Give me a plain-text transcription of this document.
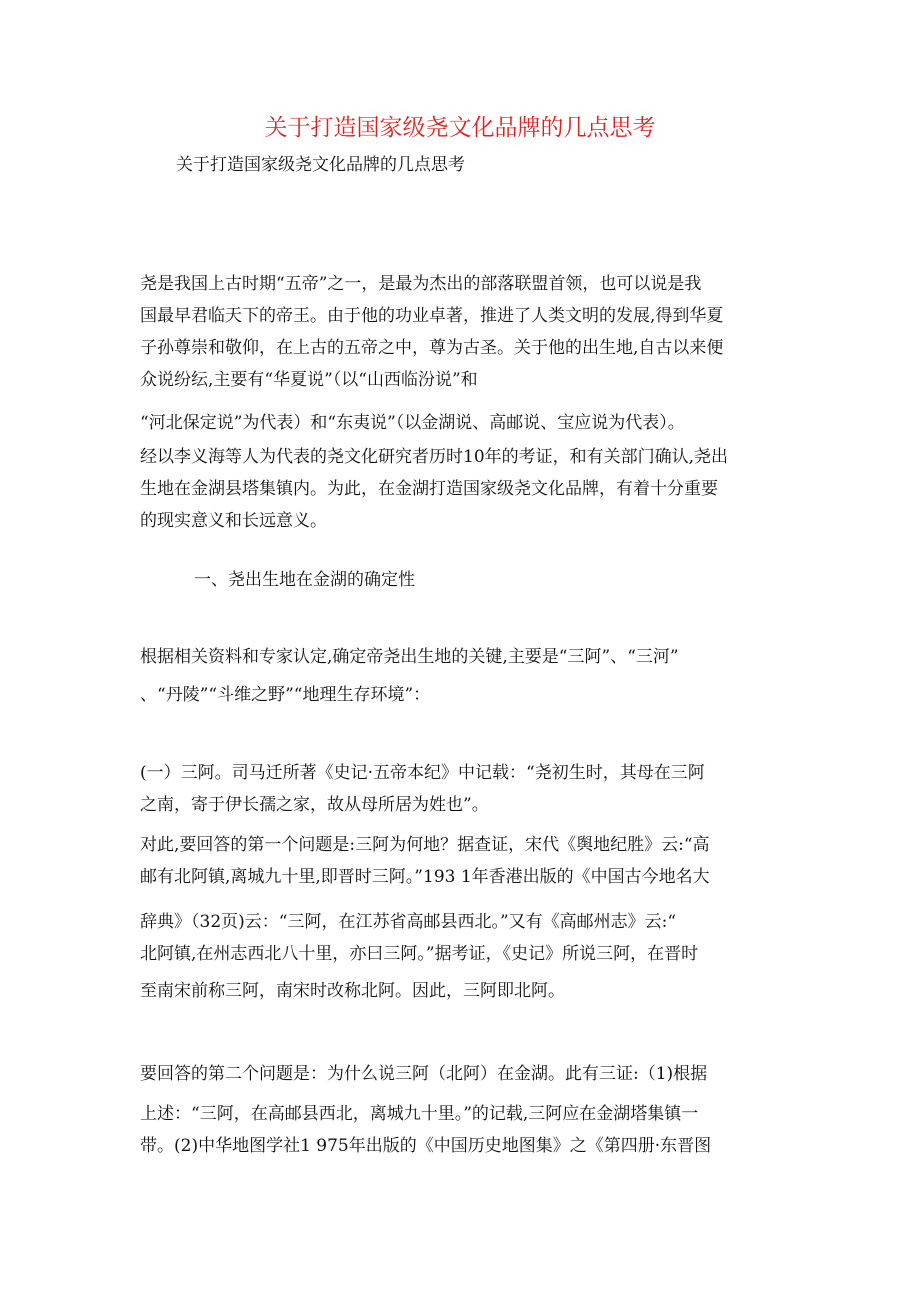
关于打造国家级尧文化品牌的几点思考
关于打造国家级尧文化品牌的几点思考
尧是我国上古时期“五帝”之一，是最为杰出的部落联盟首领，也可以说是我
国最早君临天下的帝王。由于他的功业卓著，推进了人类文明的发展,得到华夏
子孙尊崇和敬仰，在上古的五帝之中，尊为古圣。关于他的出生地,自古以来便
众说纷纭,主要有“华夏说”（以“山西临汾说”和
“河北保定说”为代表）和“东夷说”（以金湖说、高邮说、宝应说为代表）。
经以李义海等人为代表的尧文化研究者历时10年的考证，和有关部门确认,尧出
生地在金湖县塔集镇内。为此，在金湖打造国家级尧文化品牌，有着十分重要
的现实意义和长远意义。
一、尧出生地在金湖的确定性
根据相关资料和专家认定,确定帝尧出生地的关键,主要是“三阿”、“三河”
、“丹陵”“斗维之野”“地理生存环境”：
(一）三阿。司马迁所著《史记·五帝本纪》中记载：“尧初生时，其母在三阿
之南，寄于伊长孺之家，故从母所居为姓也”。
对此,要回答的第一个问题是:三阿为何地？据查证，宋代《舆地纪胜》云:“高
邮有北阿镇,离城九十里,即晋时三阿。”193 1年香港出版的《中国古今地名大
辞典》（32页)云：“三阿，在江苏省高邮县西北。”又有《高邮州志》云:“
北阿镇,在州志西北八十里，亦曰三阿。”据考证，《史记》所说三阿，在晋时
至南宋前称三阿，南宋时改称北阿。因此，三阿即北阿。
要回答的第二个问题是：为什么说三阿（北阿）在金湖。此有三证:（1)根据
上述：“三阿，在高邮县西北，离城九十里。”的记载,三阿应在金湖塔集镇一
带。(2)中华地图学社1 975年出版的《中国历史地图集》之《第四册·东晋图
